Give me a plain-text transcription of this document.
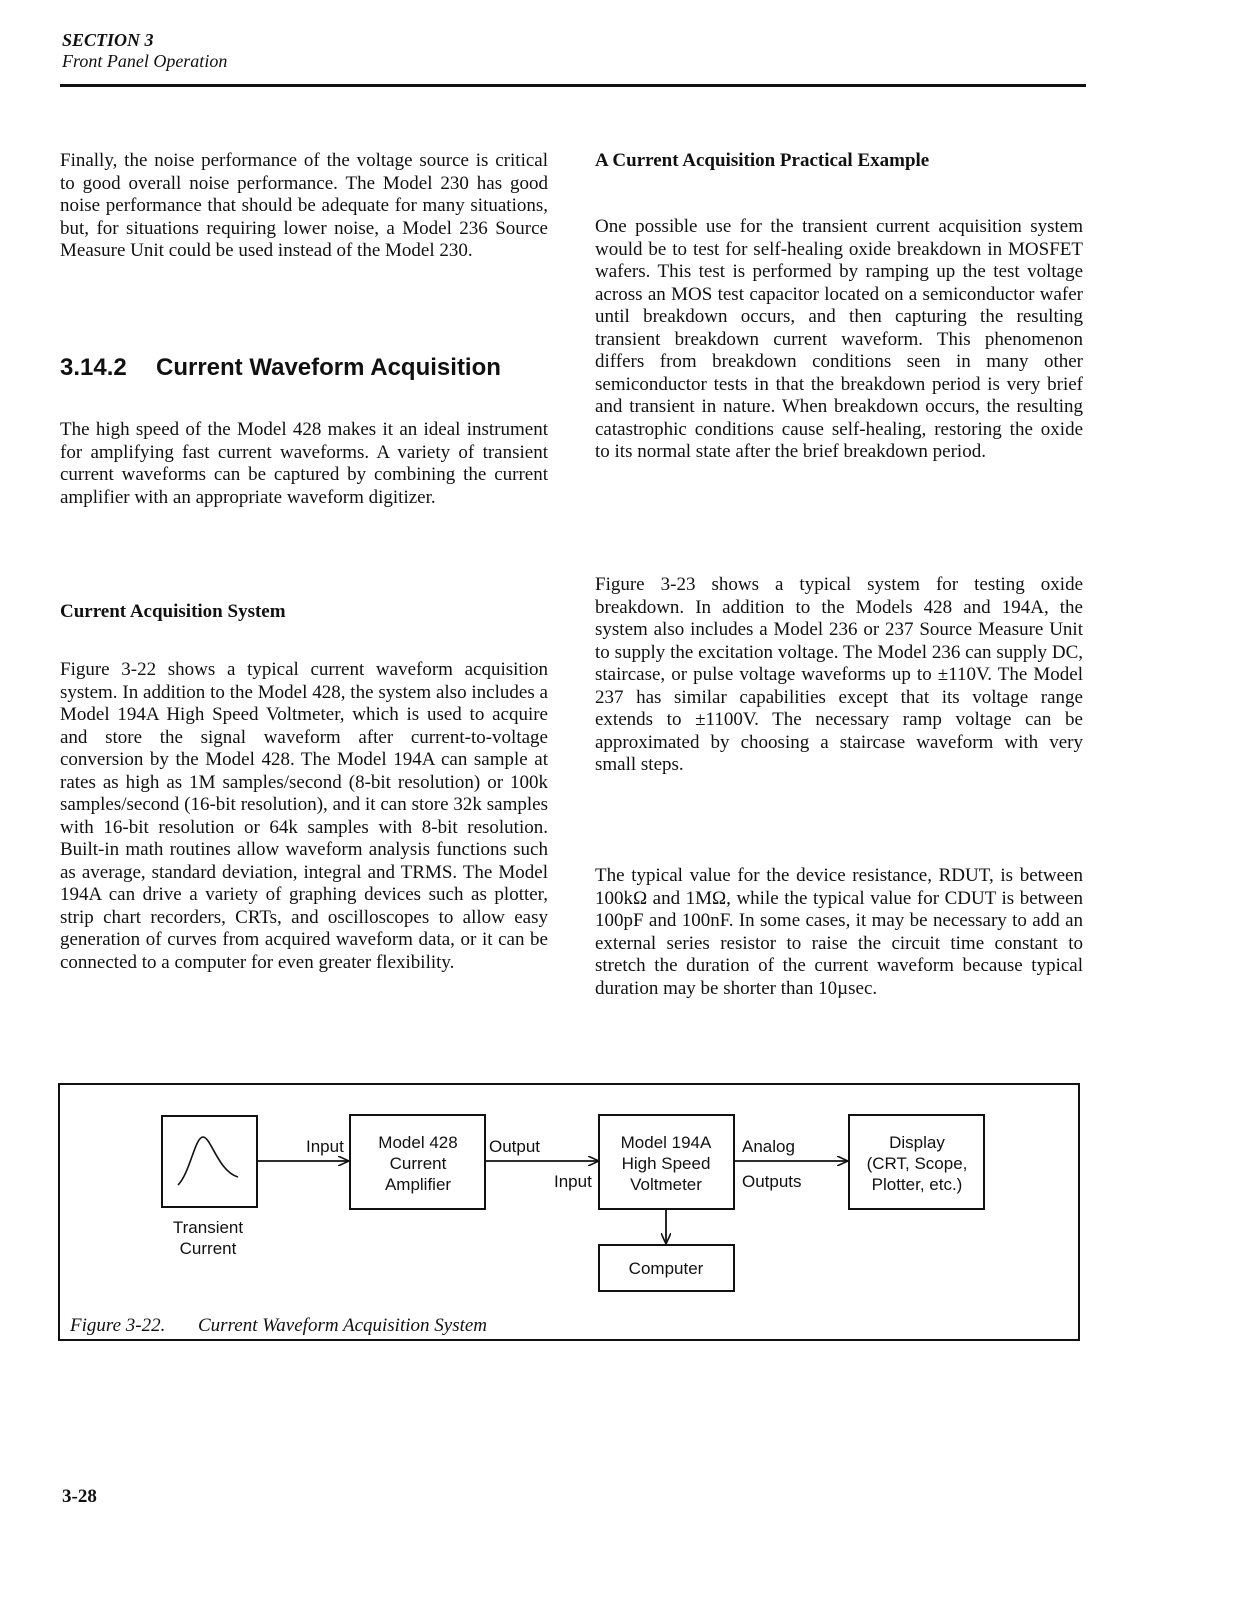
SECTION 3
Front Panel Operation

Finally, the noise performance of the voltage source is critical to good overall noise performance. The Model 230 has good noise performance that should be adequate for many situations, but, for situations requiring lower noise, a Model 236 Source Measure Unit could be used instead of the Model 230.

3.14.2 Current Waveform Acquisition

The high speed of the Model 428 makes it an ideal instrument for amplifying fast current waveforms. A variety of transient current waveforms can be captured by combining the current amplifier with an appropriate waveform digitizer.

Current Acquisition System

Figure 3-22 shows a typical current waveform acquisition system. In addition to the Model 428, the system also includes a Model 194A High Speed Voltmeter, which is used to acquire and store the signal waveform after current-to-voltage conversion by the Model 428. The Model 194A can sample at rates as high as 1M samples/second (8-bit resolution) or 100k samples/second (16-bit resolution), and it can store 32k samples with 16-bit resolution or 64k samples with 8-bit resolution. Built-in math routines allow waveform analysis functions such as average, standard deviation, integral and TRMS. The Model 194A can drive a variety of graphing devices such as plotter, strip chart recorders, CRTs, and oscilloscopes to allow easy generation of curves from acquired waveform data, or it can be connected to a computer for even greater flexibility.

A Current Acquisition Practical Example

One possible use for the transient current acquisition system would be to test for self-healing oxide breakdown in MOSFET wafers. This test is performed by ramping up the test voltage across an MOS test capacitor located on a semiconductor wafer until breakdown occurs, and then capturing the resulting transient breakdown current waveform. This phenomenon differs from breakdown conditions seen in many other semiconductor tests in that the breakdown period is very brief and transient in nature. When breakdown occurs, the resulting catastrophic conditions cause self-healing, restoring the oxide to its normal state after the brief breakdown period.

Figure 3-23 shows a typical system for testing oxide breakdown. In addition to the Models 428 and 194A, the system also includes a Model 236 or 237 Source Measure Unit to supply the excitation voltage. The Model 236 can supply DC, staircase, or pulse voltage waveforms up to ±110V. The Model 237 has similar capabilities except that its voltage range extends to ±1100V. The necessary ramp voltage can be approximated by choosing a staircase waveform with very small steps.

The typical value for the device resistance, RDUT, is between 100kΩ and 1MΩ, while the typical value for CDUT is between 100pF and 100nF. In some cases, it may be necessary to add an external series resistor to raise the circuit time constant to stretch the duration of the current waveform because typical duration may be shorter than 10µsec.

Transient
Current
Input Model 428
Current
Amplifier
Output
Input
Model 194A
High Speed
Voltmeter
Analog
Outputs
Display
(CRT, Scope,
Plotter, etc.)
Computer
Figure 3-22. Current Waveform Acquisition System
3-28
